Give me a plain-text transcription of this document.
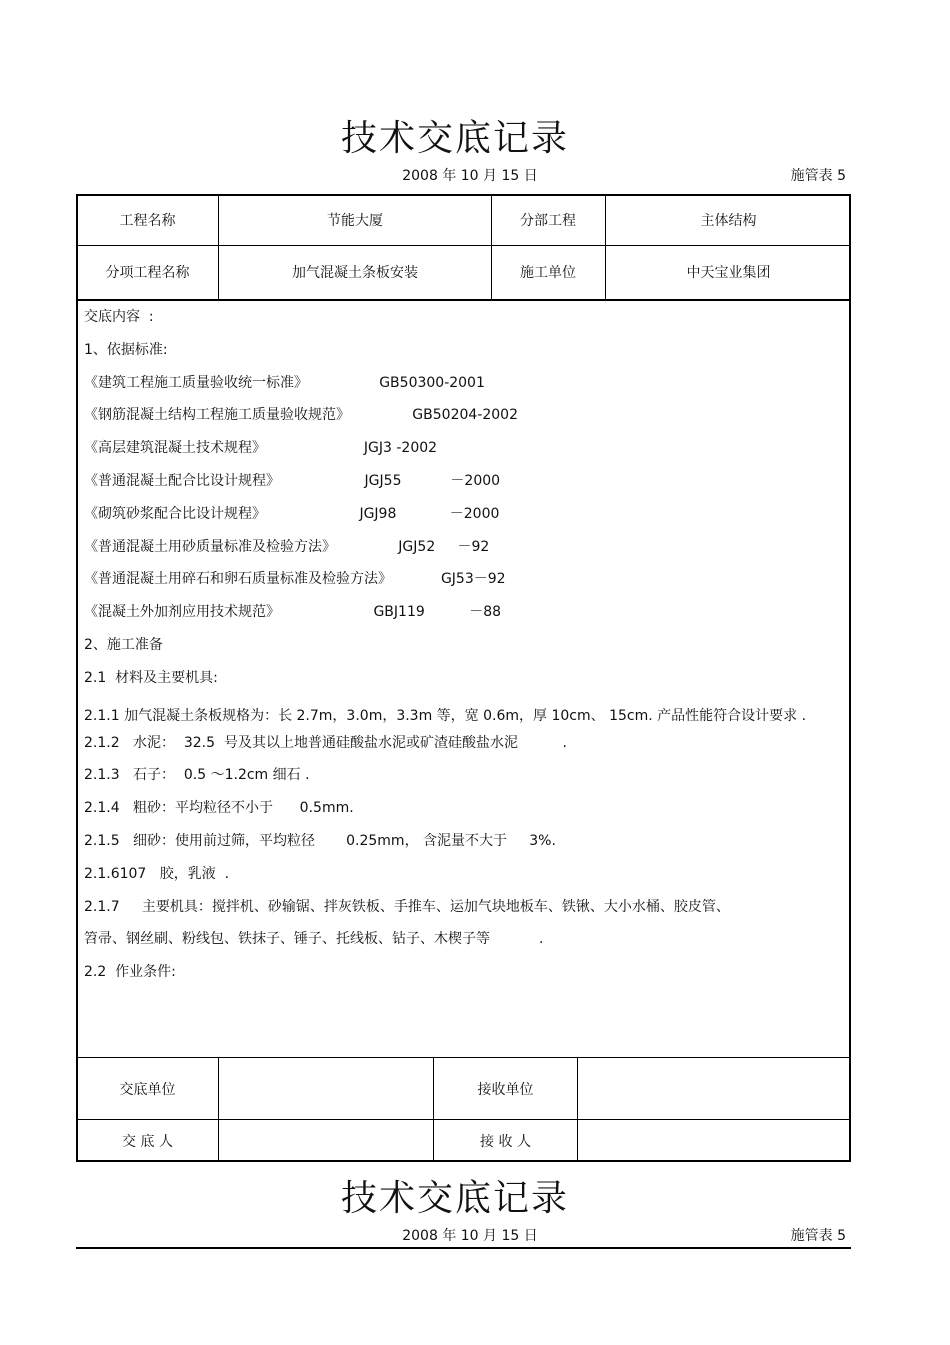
技术交底记录
2008 年 10 月 15 日	施管表 5
工程名称	节能大厦	分部工程	主体结构
分项工程名称	加气混凝土条板安装	施工单位	中天宝业集团
交底内容  :
1、依据标准:
《建筑工程施工质量验收统一标准》                GB50300-2001
《钢筋混凝土结构工程施工质量验收规范》              GB50204-2002
《高层建筑混凝土技术规程》                      JGJ3 -2002
《普通混凝土配合比设计规程》                   JGJ55           －2000
《砌筑砂浆配合比设计规程》                     JGJ98            －2000
《普通混凝土用砂质量标准及检验方法》              JGJ52     －92
《普通混凝土用碎石和卵石质量标准及检验方法》           GJ53－92
《混凝土外加剂应用技术规范》                     GBJ119          －88
2、施工准备
2.1  材料及主要机具:
2.1.1 加气混凝土条板规格为：长 2.7m，3.0m，3.3m 等，宽 0.6m，厚 10cm、 15cm. 产品性能符合设计要求 .
2.1.2   水泥：  32.5  号及其以上地普通硅酸盐水泥或矿渣硅酸盐水泥          .
2.1.3   石子：  0.5 ～1.2cm 细石 .
2.1.4   粗砂：平均粒径不小于      0.5mm.
2.1.5   细砂：使用前过筛，平均粒径       0.25mm， 含泥量不大于     3%.
2.1.6107   胶，乳液  .
2.1.7     主要机具：搅拌机、砂输锯、拌灰铁板、手推车、运加气块地板车、铁锹、大小水桶、胶皮管、
笤帚、钢丝刷、粉线包、铁抹子、锤子、托线板、钻子、木楔子等           .
2.2  作业条件:
交底单位	接收单位
交 底 人	接 收 人
技术交底记录
2008 年 10 月 15 日	施管表 5
